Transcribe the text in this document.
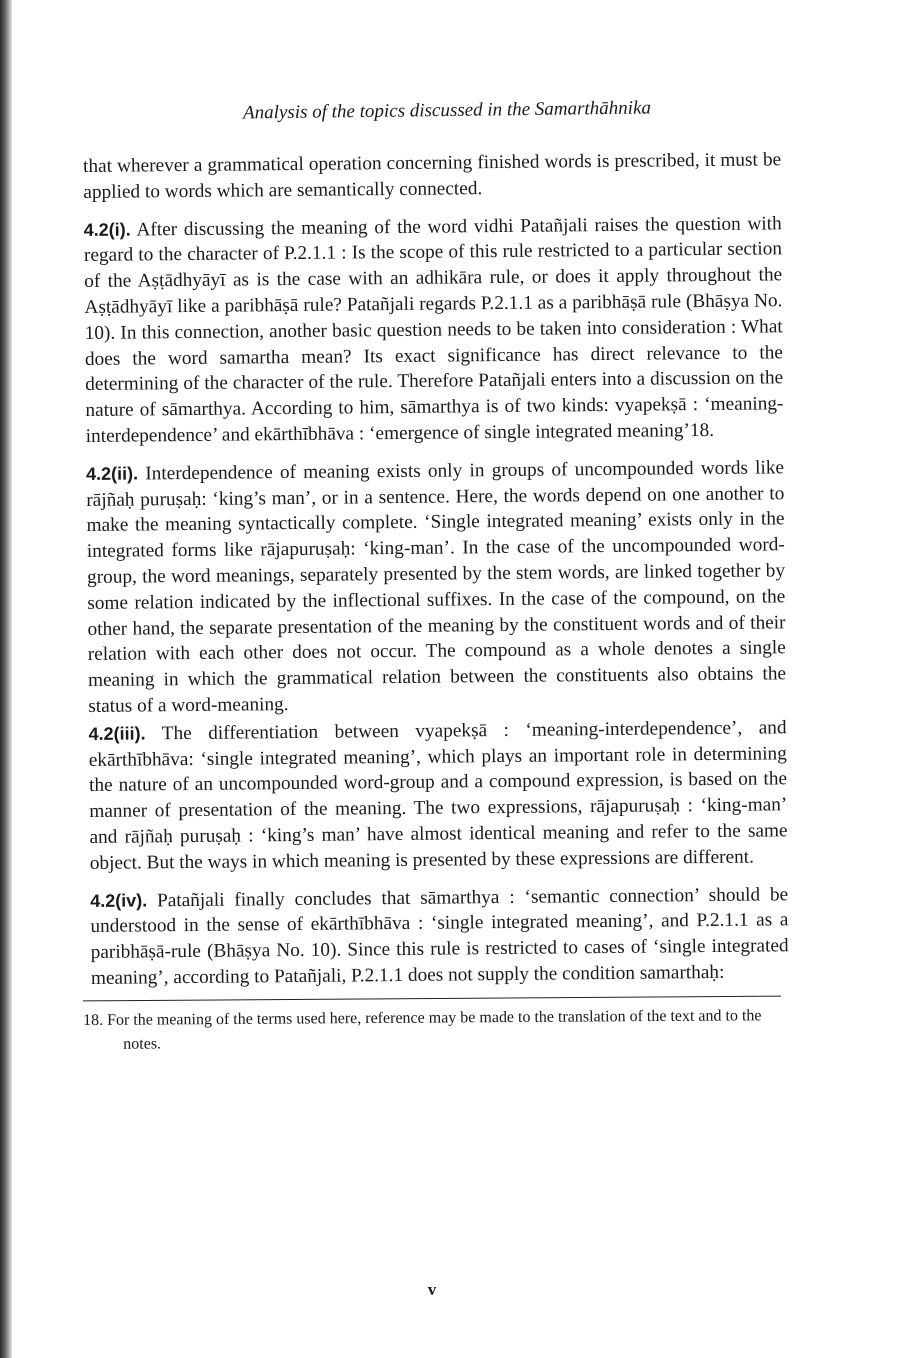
Analysis of the topics discussed in the Samarthāhnika

that wherever a grammatical operation concerning finished words is prescribed, it must be applied to words which are semantically connected.

4.2(i). After discussing the meaning of the word vidhi Patañjali raises the question with regard to the character of P.2.1.1 : Is the scope of this rule restricted to a particular section of the Aṣṭādhyāyī as is the case with an adhikāra rule, or does it apply throughout the Aṣṭādhyāyī like a paribhāṣā rule? Patañjali regards P.2.1.1 as a paribhāṣā rule (Bhāṣya No. 10). In this connection, another basic question needs to be taken into consideration : What does the word samartha mean? Its exact significance has direct relevance to the determining of the character of the rule. Therefore Patañjali enters into a discussion on the nature of sāmarthya. According to him, sāmarthya is of two kinds: vyapekṣā : ‘meaning-interdependence’ and ekārthībhāva : ‘emergence of single integrated meaning’18.

4.2(ii). Interdependence of meaning exists only in groups of uncompounded words like rājñaḥ puruṣaḥ: ‘king’s man’, or in a sentence. Here, the words depend on one another to make the meaning syntactically complete. ‘Single integrated meaning’ exists only in the integrated forms like rājapuruṣaḥ: ‘king-man’. In the case of the uncompounded word-group, the word meanings, separately presented by the stem words, are linked together by some relation indicated by the inflectional suffixes. In the case of the compound, on the other hand, the separate presentation of the meaning by the constituent words and of their relation with each other does not occur. The compound as a whole denotes a single meaning in which the grammatical relation between the constituents also obtains the status of a word-meaning.

4.2(iii). The differentiation between vyapekṣā : ‘meaning-interdependence’, and ekārthībhāva: ‘single integrated meaning’, which plays an important role in determining the nature of an uncompounded word-group and a compound expression, is based on the manner of presentation of the meaning. The two expressions, rājapuruṣaḥ : ‘king-man’ and rājñaḥ puruṣaḥ : ‘king’s man’ have almost identical meaning and refer to the same object. But the ways in which meaning is presented by these expressions are different.

4.2(iv). Patañjali finally concludes that sāmarthya : ‘semantic connection’ should be understood in the sense of ekārthībhāva : ‘single integrated meaning’, and P.2.1.1 as a paribhāṣā-rule (Bhāṣya No. 10). Since this rule is restricted to cases of ‘single integrated meaning’, according to Patañjali, P.2.1.1 does not supply the condition samarthaḥ:

18. For the meaning of the terms used here, reference may be made to the translation of the text and to the notes.
v
